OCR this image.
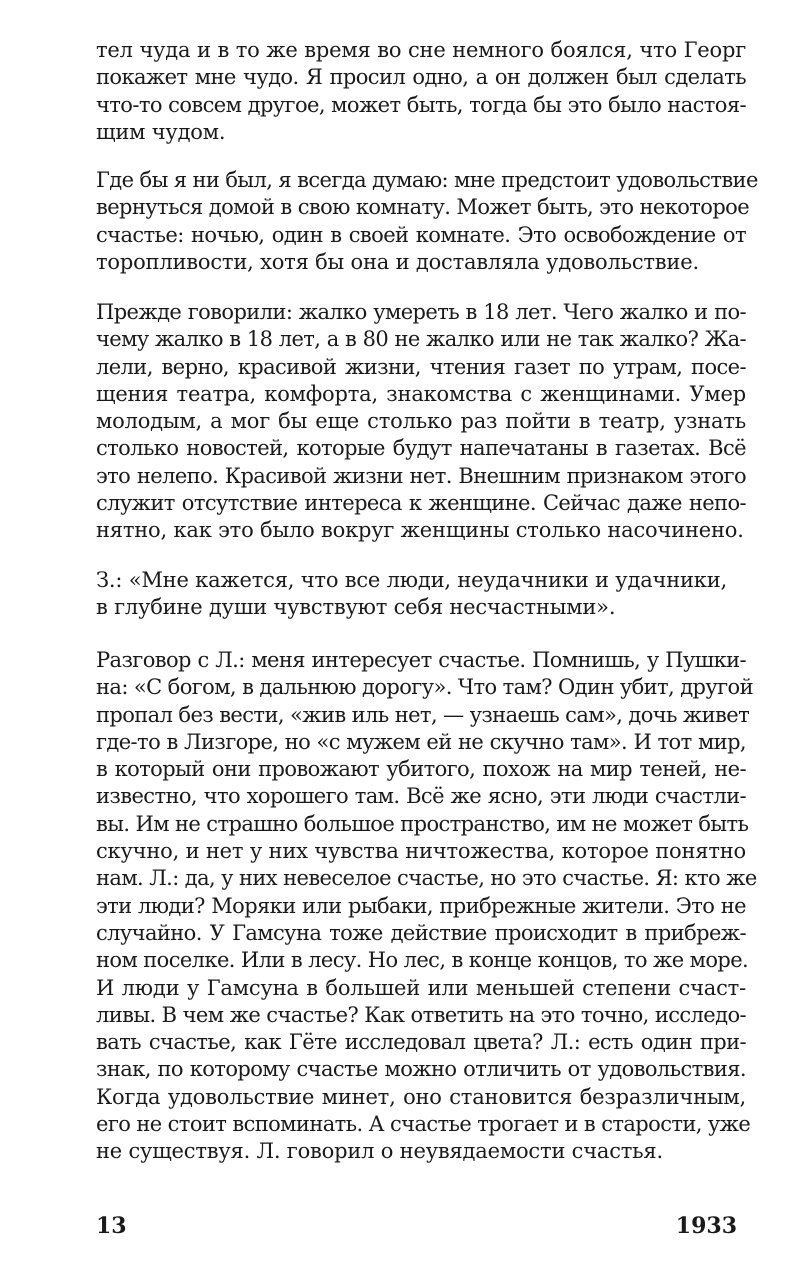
тел чуда и в то же время во сне немного боялся, что Георг
покажет мне чудо. Я просил одно, а он должен был сделать
что-то совсем другое, может быть, тогда бы это было настоя-
щим чудом.

Где бы я ни был, я всегда думаю: мне предстоит удовольствие
вернуться домой в свою комнату. Может быть, это некоторое
счастье: ночью, один в своей комнате. Это освобождение от
торопливости, хотя бы она и доставляла удовольствие.

Прежде говорили: жалко умереть в 18 лет. Чего жалко и по-
чему жалко в 18 лет, а в 80 не жалко или не так жалко? Жа-
лели, верно, красивой жизни, чтения газет по утрам, посе-
щения театра, комфорта, знакомства с женщинами. Умер
молодым, а мог бы еще столько раз пойти в театр, узнать
столько новостей, которые будут напечатаны в газетах. Всё
это нелепо. Красивой жизни нет. Внешним признаком этого
служит отсутствие интереса к женщине. Сейчас даже непо-
нятно, как это было вокруг женщины столько насочинено.

З.: «Мне кажется, что все люди, неудачники и удачники,
в глубине души чувствуют себя несчастными».

Разговор с Л.: меня интересует счастье. Помнишь, у Пушки-
на: «С богом, в дальнюю дорогу». Что там? Один убит, другой
пропал без вести, «жив иль нет, — узнаешь сам», дочь живет
где-то в Лизгоре, но «с мужем ей не скучно там». И тот мир,
в который они провожают убитого, похож на мир теней, не-
известно, что хорошего там. Всё же ясно, эти люди счастли-
вы. Им не страшно большое пространство, им не может быть
скучно, и нет у них чувства ничтожества, которое понятно
нам. Л.: да, у них невеселое счастье, но это счастье. Я: кто же
эти люди? Моряки или рыбаки, прибрежные жители. Это не
случайно. У Гамсуна тоже действие происходит в прибреж-
ном поселке. Или в лесу. Но лес, в конце концов, то же море.
И люди у Гамсуна в большей или меньшей степени счаст-
ливы. В чем же счастье? Как ответить на это точно, исследо-
вать счастье, как Гёте исследовал цвета? Л.: есть один при-
знак, по которому счастье можно отличить от удовольствия.
Когда удовольствие минет, оно становится безразличным,
его не стоит вспоминать. А счастье трогает и в старости, уже
не существуя. Л. говорил о неувядаемости счастья.

13	1933
